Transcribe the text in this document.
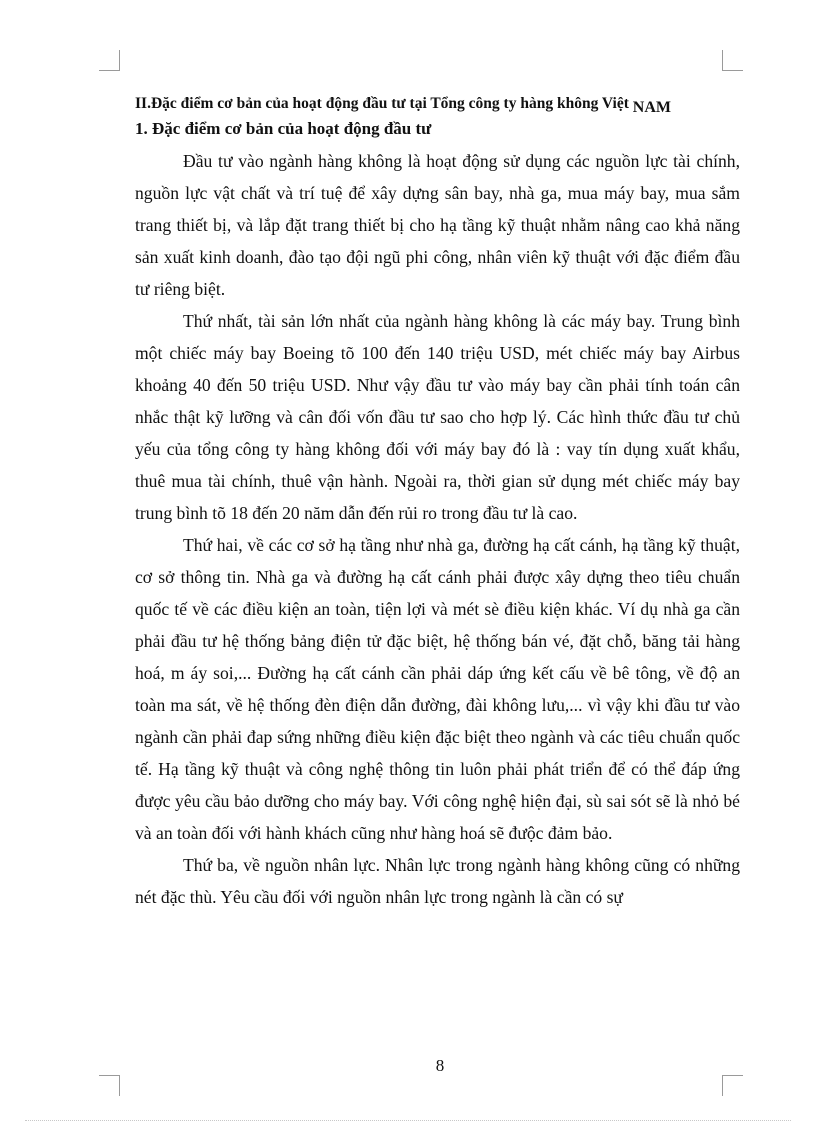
II.Đặc điểm cơ bản của hoạt động đầu tư tại Tổng công ty hàng không Việt NAM
1. Đặc điểm cơ bản của hoạt động đầu tư

Đầu tư vào ngành hàng không là hoạt động sử dụng các nguồn lực tài chính, nguồn lực vật chất và trí tuệ để xây dựng sân bay, nhà ga, mua máy bay, mua sắm trang thiết bị, và lắp đặt trang thiết bị cho hạ tầng kỹ thuật nhằm nâng cao khả năng sản xuất kinh doanh, đào tạo đội ngũ phi công, nhân viên kỹ thuật với đặc điểm đầu tư riêng biệt.

Thứ nhất, tài sản lớn nhất của ngành hàng không là các máy bay. Trung bình một chiếc máy bay Boeing tõ 100 đến 140 triệu USD, mét chiếc máy bay Airbus khoảng 40 đến 50 triệu USD. Như vậy đầu tư vào máy bay cần phải tính toán cân nhắc thật kỹ lưỡng và cân đối vốn đầu tư sao cho hợp lý. Các hình thức đầu tư chủ yếu của tổng công ty hàng không đối với máy bay đó là : vay tín dụng xuất khẩu, thuê mua tài chính, thuê vận hành. Ngoài ra, thời gian sử dụng mét chiếc máy bay trung bình tõ 18 đến 20 năm dẫn đến rủi ro trong đầu tư là cao.

Thứ hai, về các cơ sở hạ tầng như nhà ga, đường hạ cất cánh, hạ tầng kỹ thuật, cơ sở thông tin. Nhà ga và đường hạ cất cánh phải được xây dựng theo tiêu chuẩn quốc tế về các điều kiện an toàn, tiện lợi và mét sè điều kiện khác. Ví dụ nhà ga cần phải đầu tư hệ thống bảng điện tử đặc biệt, hệ thống bán vé, đặt chỗ, băng tải hàng hoá, m áy soi,... Đường hạ cất cánh cần phải dáp ứng kết cấu về bê tông, về độ an toàn ma sát, về hệ thống đèn điện dẫn đường, đài không lưu,... vì vậy khi đầu tư vào ngành cần phải đap sứng những điều kiện đặc biệt theo ngành và các tiêu chuẩn quốc tế. Hạ tầng kỹ thuật và công nghệ thông tin luôn phải phát triển để có thể đáp ứng được yêu cầu bảo dưỡng cho máy bay. Với công nghệ hiện đại, sù sai sót sẽ là nhỏ bé và an toàn đối với hành khách cũng như hàng hoá sẽ đưộc đảm bảo.

Thứ ba, về nguồn nhân lực. Nhân lực trong ngành hàng không cũng có những nét đặc thù. Yêu cầu đối với nguồn nhân lực trong ngành là cần có sự

8
